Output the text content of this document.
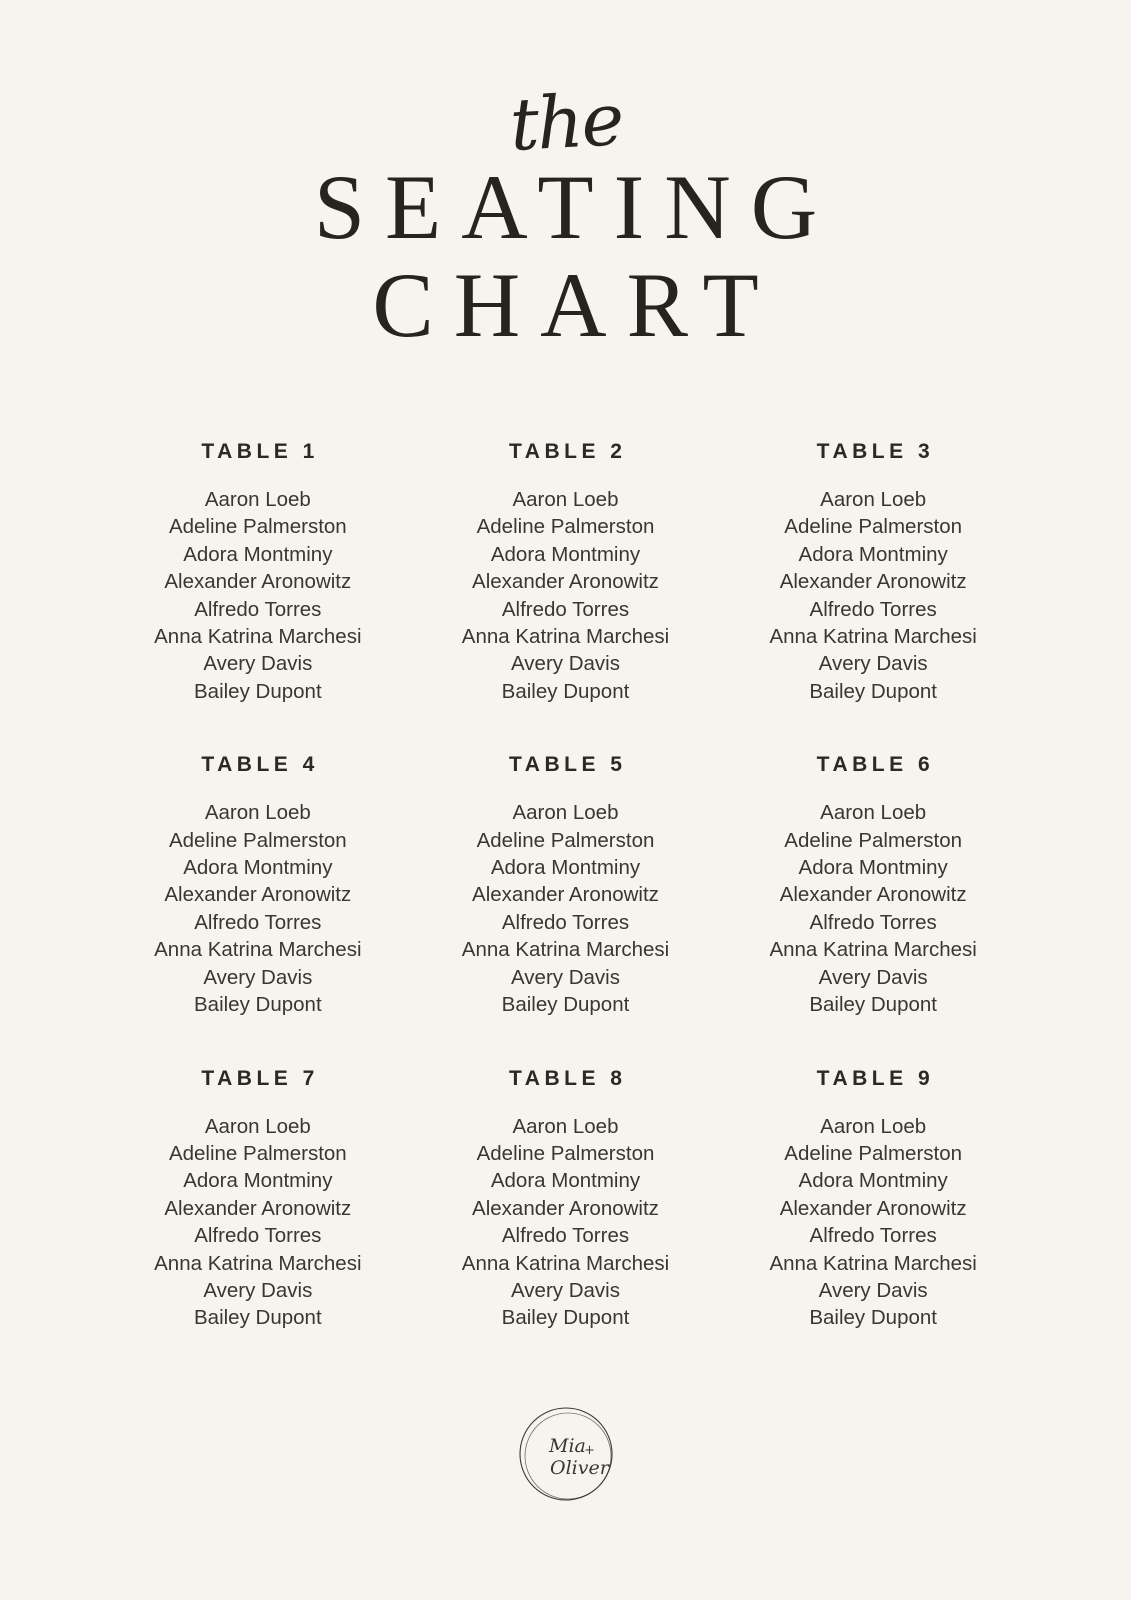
the
SEATING
CHART
TABLE 1
Aaron Loeb
Adeline Palmerston
Adora Montminy
Alexander Aronowitz
Alfredo Torres
Anna Katrina Marchesi
Avery Davis
Bailey Dupont
TABLE 2
Aaron Loeb
Adeline Palmerston
Adora Montminy
Alexander Aronowitz
Alfredo Torres
Anna Katrina Marchesi
Avery Davis
Bailey Dupont
TABLE 3
Aaron Loeb
Adeline Palmerston
Adora Montminy
Alexander Aronowitz
Alfredo Torres
Anna Katrina Marchesi
Avery Davis
Bailey Dupont
TABLE 4
Aaron Loeb
Adeline Palmerston
Adora Montminy
Alexander Aronowitz
Alfredo Torres
Anna Katrina Marchesi
Avery Davis
Bailey Dupont
TABLE 5
Aaron Loeb
Adeline Palmerston
Adora Montminy
Alexander Aronowitz
Alfredo Torres
Anna Katrina Marchesi
Avery Davis
Bailey Dupont
TABLE 6
Aaron Loeb
Adeline Palmerston
Adora Montminy
Alexander Aronowitz
Alfredo Torres
Anna Katrina Marchesi
Avery Davis
Bailey Dupont
TABLE 7
Aaron Loeb
Adeline Palmerston
Adora Montminy
Alexander Aronowitz
Alfredo Torres
Anna Katrina Marchesi
Avery Davis
Bailey Dupont
TABLE 8
Aaron Loeb
Adeline Palmerston
Adora Montminy
Alexander Aronowitz
Alfredo Torres
Anna Katrina Marchesi
Avery Davis
Bailey Dupont
TABLE 9
Aaron Loeb
Adeline Palmerston
Adora Montminy
Alexander Aronowitz
Alfredo Torres
Anna Katrina Marchesi
Avery Davis
Bailey Dupont
Mia
+
Oliver
